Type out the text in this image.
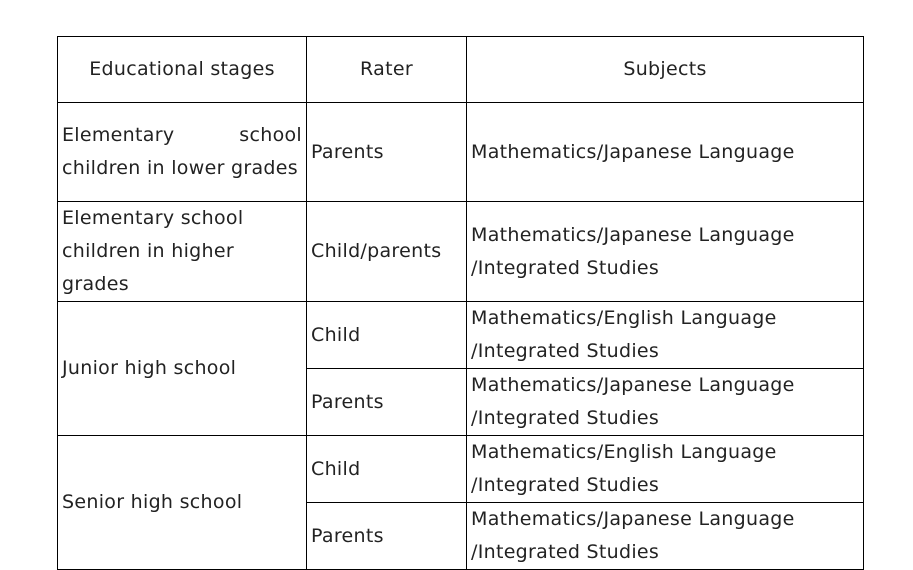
Educational stages	Rater	Subjects
Elementary school children in lower grades	Parents	Mathematics/Japanese Language
Elementary school children in higher grades	Child/parents	Mathematics/Japanese Language /Integrated Studies
Junior high school	Child	Mathematics/English Language /Integrated Studies
	Parents	Mathematics/Japanese Language /Integrated Studies
Senior high school	Child	Mathematics/English Language /Integrated Studies
	Parents	Mathematics/Japanese Language /Integrated Studies
